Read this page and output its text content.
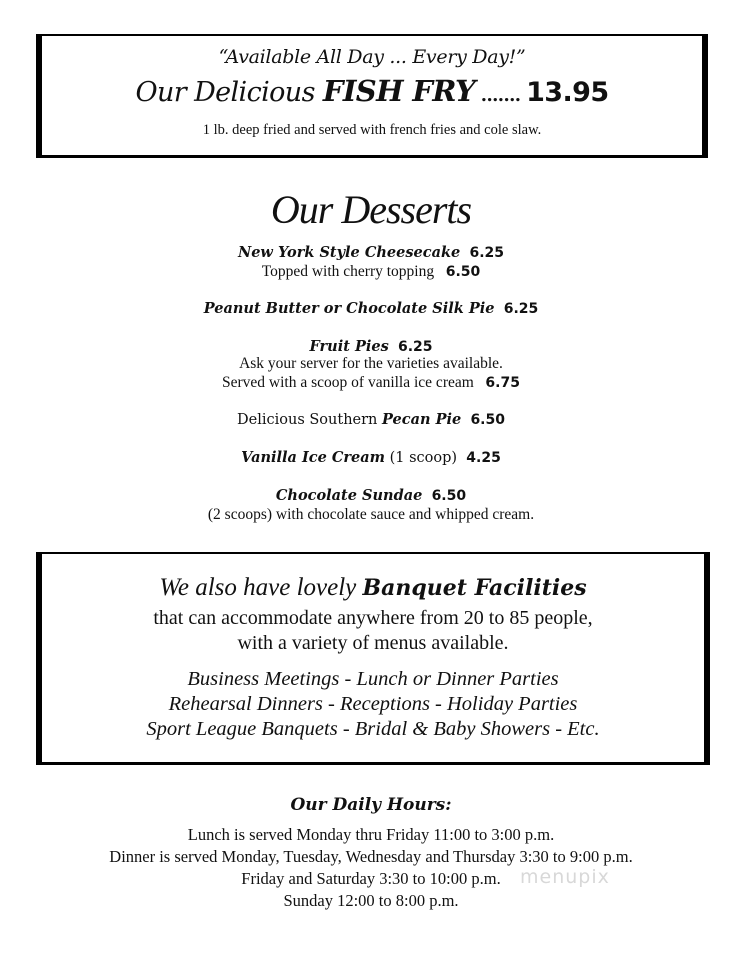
“Available All Day ... Every Day!”
Our Delicious FISH FRY ....... 13.95
1 lb. deep fried and served with french fries and cole slaw.
Our Desserts
New York Style Cheesecake 6.25
Topped with cherry topping 6.50
Peanut Butter or Chocolate Silk Pie 6.25
Fruit Pies 6.25
Ask your server for the varieties available.
Served with a scoop of vanilla ice cream 6.75
Delicious Southern Pecan Pie 6.50
Vanilla Ice Cream (1 scoop) 4.25
Chocolate Sundae 6.50
(2 scoops) with chocolate sauce and whipped cream.
We also have lovely Banquet Facilities
that can accommodate anywhere from 20 to 85 people,
with a variety of menus available.
Business Meetings - Lunch or Dinner Parties
Rehearsal Dinners - Receptions - Holiday Parties
Sport League Banquets - Bridal & Baby Showers - Etc.
Our Daily Hours:
Lunch is served Monday thru Friday 11:00 to 3:00 p.m.
Dinner is served Monday, Tuesday, Wednesday and Thursday 3:30 to 9:00 p.m.
Friday and Saturday 3:30 to 10:00 p.m.
Sunday 12:00 to 8:00 p.m.
menupix
